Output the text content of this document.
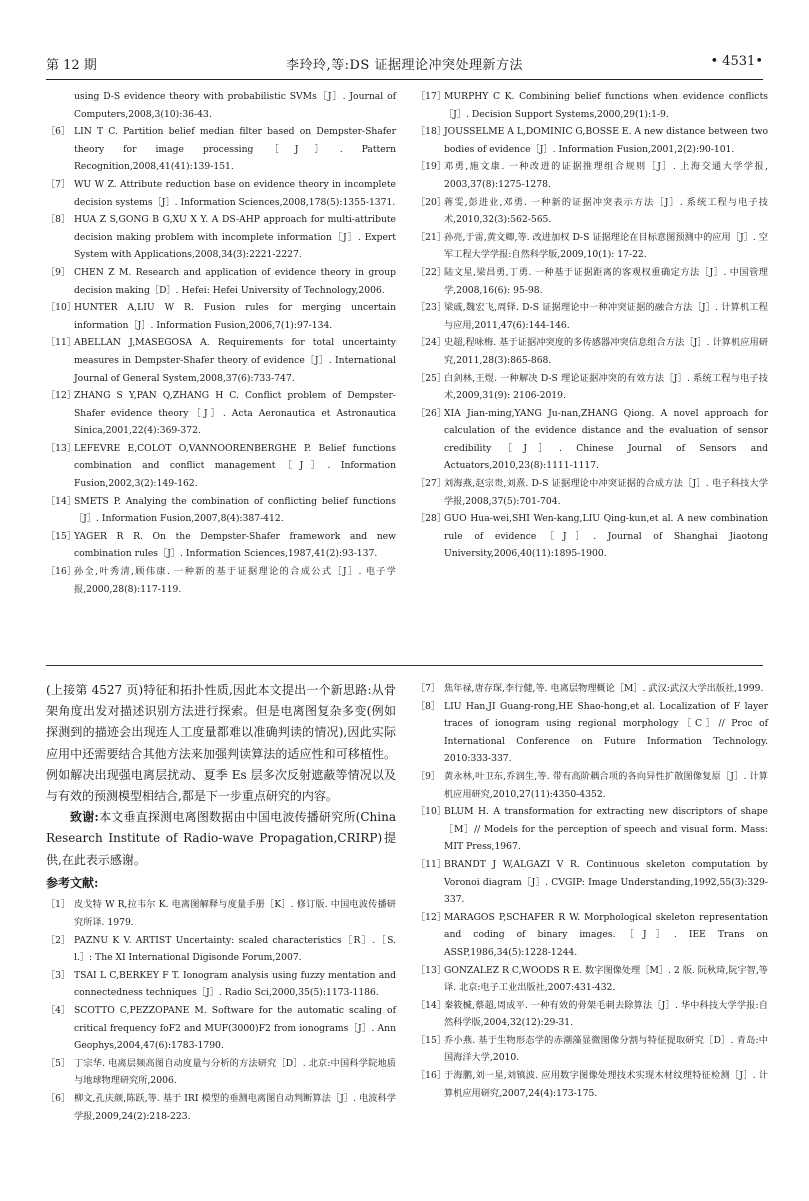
第 12 期	李玲玲,等:DS 证据理论冲突处理新方法	• 4531•
using D-S evidence theory with probabilistic SVMs［J］. Journal of Computers,2008,3(10):36-43.
［6］ LIN T C. Partition belief median filter based on Dempster-Shafer theory for image processing［J］. Pattern Recognition,2008,41(41):139-151.
［7］ WU W Z. Attribute reduction base on evidence theory in incomplete decision systems［J］. Information Sciences,2008,178(5):1355-1371.
［8］ HUA Z S,GONG B G,XU X Y. A DS-AHP approach for multi-attribute decision making problem with incomplete information［J］. Expert System with Applications,2008,34(3):2221-2227.
［9］ CHEN Z M. Research and application of evidence theory in group decision making［D］. Hefei: Hefei University of Technology,2006.
［10］
HUNTER A,LIU W R. Fusion rules for merging uncertain information［J］. Information Fusion,2006,7(1):97-134.
［11］
ABELLAN J,MASEGOSA A. Requirements for total uncertainty measures in Dempster-Shafer theory of evidence［J］. International Journal of General System,2008,37(6):733-747.
［12］
ZHANG S Y,PAN Q,ZHANG H C. Conflict problem of Dempster-Shafer evidence theory［J］. Acta Aeronautica et Astronautica Sinica,2001,22(4):369-372.
［13］
LEFEVRE E,COLOT O,VANNOORENBERGHE P. Belief functions combination and conflict management［J］. Information Fusion,2002,3(2):149-162.
［14］
SMETS P. Analying the combination of conflicting belief functions［J］. Information Fusion,2007,8(4):387-412.
［15］
YAGER R R. On the Dempster-Shafer framework and new combination rules［J］. Information Sciences,1987,41(2):93-137.
［16］
孙全,叶秀清,顾伟康. 一种新的基于证据理论的合成公式［J］. 电子学报,2000,28(8):117-119.
［17］
MURPHY C K. Combining belief functions when evidence conflicts［J］. Decision Support Systems,2000,29(1):1-9.
［18］
JOUSSELME A L,DOMINIC G,BOSSE E. A new distance between two bodies of evidence［J］. Information Fusion,2001,2(2):90-101.
［19］
邓勇,施文康. 一种改进的证据推理组合规则［J］. 上海交通大学学报, 2003,37(8):1275-1278.
［20］
蒋雯,彭进业,邓勇. 一种新的证据冲突表示方法［J］. 系统工程与电子技术,2010,32(3):562-565.
［21］
孙亮,于雷,黄文卿,等. 改进加权 D-S 证据理论在目标意图预测中的应用［J］. 空军工程大学学报:自然科学版,2009,10(1): 17-22.
［22］
陆文星,梁昌勇,丁勇. 一种基于证据距离的客观权重确定方法［J］. 中国管理学,2008,16(6): 95-98.
［23］
梁戚,魏宏飞,周铎. D-S 证据理论中一种冲突证据的融合方法［J］. 计算机工程与应用,2011,47(6):144-146.
［24］
史超,程咏梅. 基于证据冲突度的多传感器冲突信息组合方法［J］. 计算机应用研究,2011,28(3):865-868.
［25］
白剑林,王煜. 一种解决 D-S 理论证据冲突的有效方法［J］. 系统工程与电子技术,2009,31(9): 2106-2019.
［26］
XIA Jian-ming,YANG Ju-nan,ZHANG Qiong. A novel approach for calculation of the evidence distance and the evaluation of sensor credibility［J］. Chinese Journal of Sensors and Actuators,2010,23(8):1111-1117.
［27］
刘海燕,赵宗贵,刘熹. D-S 证据理论中冲突证据的合成方法［J］. 电子科技大学学报,2008,37(5):701-704.
［28］
GUO Hua-wei,SHI Wen-kang,LIU Qing-kun,et al. A new combination rule of evidence［J］. Journal of Shanghai Jiaotong University,2006,40(11):1895-1900.

(上接第 4527 页)特征和拓扑性质,因此本文提出一个新思路:从骨架角度出发对描述识别方法进行探索。但是电离图复杂多变(例如探测到的描迹会出现连人工度量都难以准确判读的情况),因此实际应用中还需要结合其他方法来加强判读算法的适应性和可移植性。例如解决出现强电离层扰动、夏季 Es 层多次反射遮蔽等情况以及与有效的预测模型相结合,都是下一步重点研究的内容。

致谢:本文垂直探测电离图数据由中国电波传播研究所(China Research Institute of Radio-wave Propagation,CRIRP)提供,在此表示感谢。

参考文献:
［1］ 皮戈特 W R,拉韦尔 K. 电离图解释与度量手册［K］. 修订版. 中国电波传播研究所译. 1979.
［2］ PAZNU K V. ARTIST Uncertainty: scaled characteristics［R］.［S. l.］: The XI International Digisonde Forum,2007.
［3］ TSAI L C,BERKEY F T. Ionogram analysis using fuzzy mentation and connectedness techniques［J］. Radio Sci,2000,35(5):1173-1186.
［4］ SCOTTO C,PEZZOPANE M. Software for the automatic scaling of critical frequency foF2 and MUF(3000)F2 from ionograms［J］. Ann Geophys,2004,47(6):1783-1790.
［5］ 丁宗华. 电离层频高图自动度量与分析的方法研究［D］. 北京:中国科学院地质与地球物理研究所,2006.
［6］ 柳文,孔庆颜,陈跃,等. 基于 IRI 模型的垂测电离图自动判断算法［J］. 电波科学学报,2009,24(2):218-223.
［7］ 焦年禄,唐存琛,李行健,等. 电离层物理概论［M］. 武汉:武汉大学出版社,1999.
［8］ LIU Han,JI Guang-rong,HE Shao-hong,et al. Localization of F layer traces of ionogram using regional morphology［C］// Proc of International Conference on Future Information Technology. 2010:333-337.
［9］ 黄永林,叶卫东,乔润生,等. 带有高阶耦合项的各向异性扩散图像复原［J］. 计算机应用研究,2010,27(11):4350-4352.
［10］
BLUM H. A transformation for extracting new discriptors of shape［M］// Models for the perception of speech and visual form. Mass: MIT Press,1967.
［11］
BRANDT J W,ALGAZI V R. Continuous skeleton computation by Voronoi diagram［J］. CVGIP: Image Understanding,1992,55(3):329-337.
［12］
MARAGOS P,SCHAFER R W. Morphological skeleton representation and coding of binary images.［J］. IEE Trans on ASSP,1986,34(5):1228-1244.
［13］
GONZALEZ R C,WOODS R E. 数字图像处理［M］. 2 版. 阮秋琦,阮宇智,等译. 北京:电子工业出版社,2007:431-432.
［14］
秦筱楲,蔡超,周成平. 一种有效的骨架毛刺去除算法［J］. 华中科技大学学报:自然科学版,2004,32(12):29-31.
［15］
乔小燕. 基于生物形态学的赤潮藻显微图像分割与特征提取研究［D］. 青岛:中国海洋大学,2010.
［16］
于海鹏,刘一星,刘镇波. 应用数字图像处理技术实现木材纹理特征检测［J］. 计算机应用研究,2007,24(4):173-175.
